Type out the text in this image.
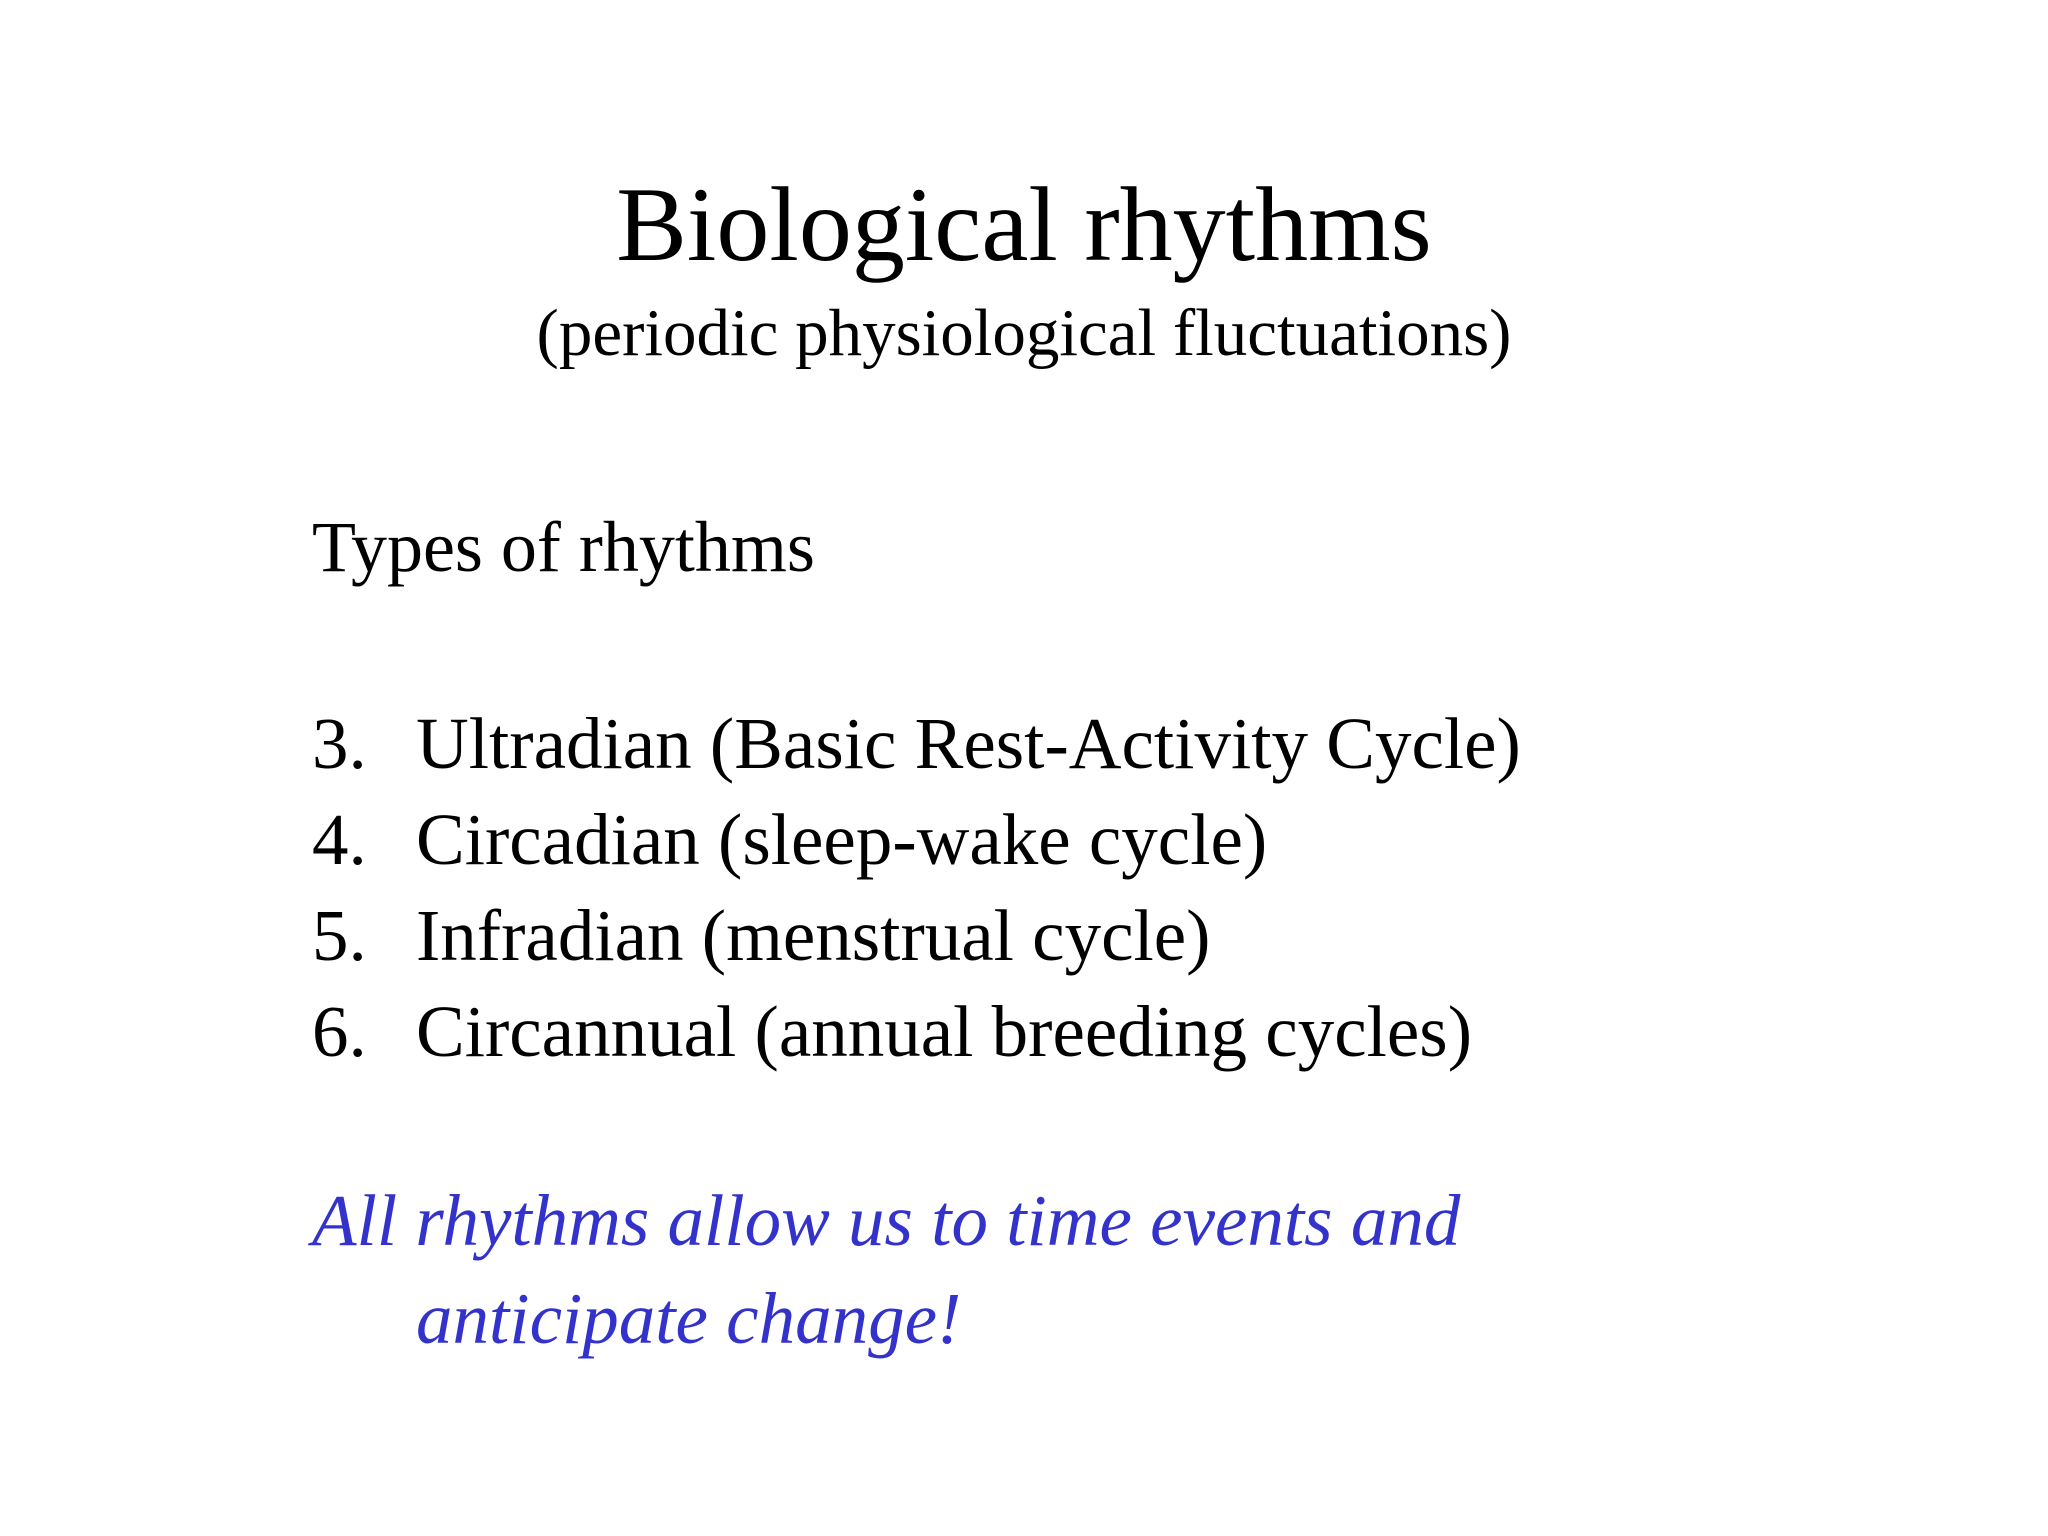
Biological rhythms
(periodic physiological fluctuations)
Types of rhythms
3. Ultradian (Basic Rest-Activity Cycle)
4. Circadian (sleep-wake cycle)
5. Infradian (menstrual cycle)
6. Circannual (annual breeding cycles)
All rhythms allow us to time events and
anticipate change!
